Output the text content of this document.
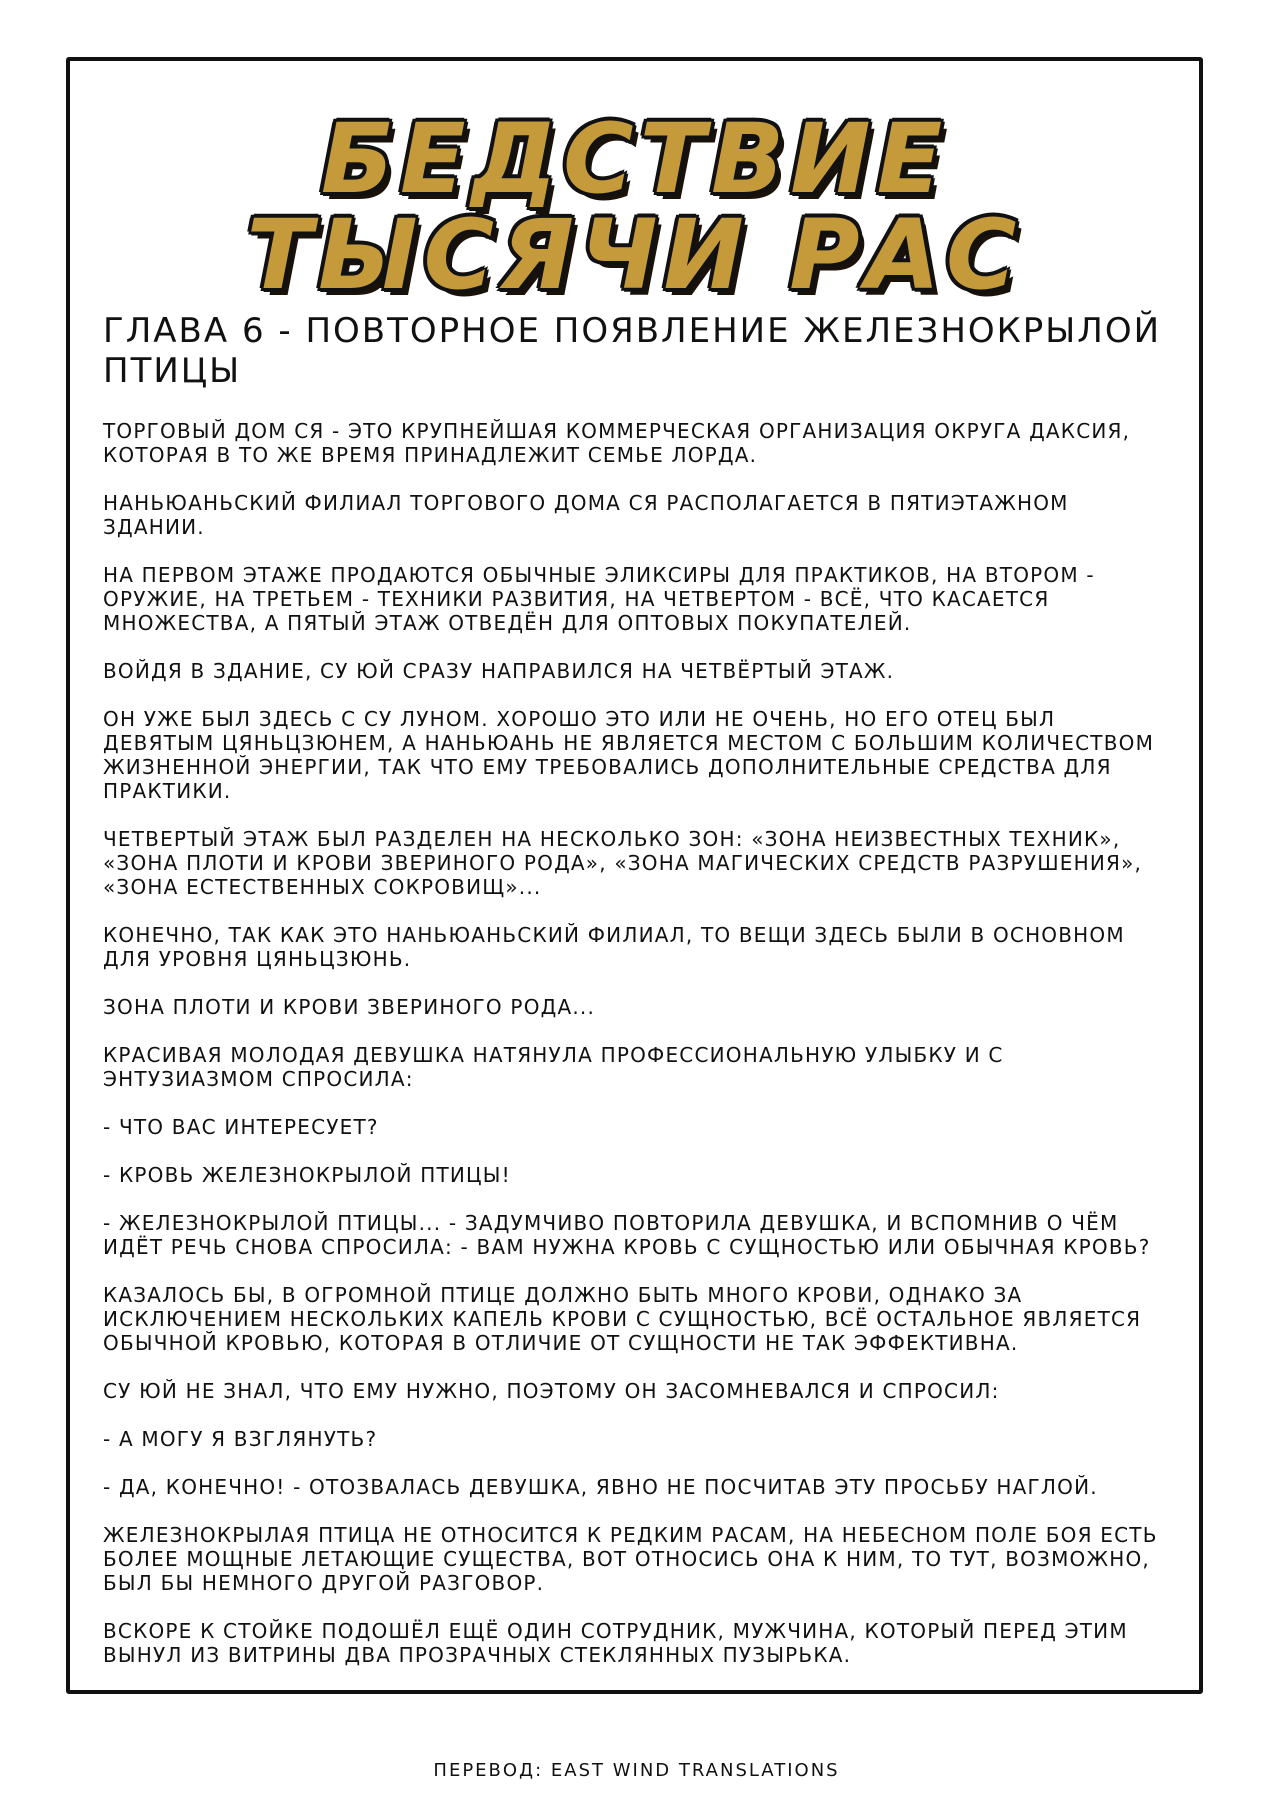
БЕДСТВИЕ
ТЫСЯЧИ РАС
ГЛАВА 6 - ПОВТОРНОЕ ПОЯВЛЕНИЕ ЖЕЛЕЗНОКРЫЛОЙ ПТИЦЫ

ТОРГОВЫЙ ДОМ СЯ - ЭТО КРУПНЕЙШАЯ КОММЕРЧЕСКАЯ ОРГАНИЗАЦИЯ ОКРУГА ДАКСИЯ, КОТОРАЯ В ТО ЖЕ ВРЕМЯ ПРИНАДЛЕЖИТ СЕМЬЕ ЛОРДА.

НАНЬЮАНЬСКИЙ ФИЛИАЛ ТОРГОВОГО ДОМА СЯ РАСПОЛАГАЕТСЯ В ПЯТИЭТАЖНОМ ЗДАНИИ.

НА ПЕРВОМ ЭТАЖЕ ПРОДАЮТСЯ ОБЫЧНЫЕ ЭЛИКСИРЫ ДЛЯ ПРАКТИКОВ, НА ВТОРОМ - ОРУЖИЕ, НА ТРЕТЬЕМ - ТЕХНИКИ РАЗВИТИЯ, НА ЧЕТВЕРТОМ - ВСЁ, ЧТО КАСАЕТСЯ МНОЖЕСТВА, А ПЯТЫЙ ЭТАЖ ОТВЕДЁН ДЛЯ ОПТОВЫХ ПОКУПАТЕЛЕЙ.

ВОЙДЯ В ЗДАНИЕ, СУ ЮЙ СРАЗУ НАПРАВИЛСЯ НА ЧЕТВЁРТЫЙ ЭТАЖ.

ОН УЖЕ БЫЛ ЗДЕСЬ С СУ ЛУНОМ. ХОРОШО ЭТО ИЛИ НЕ ОЧЕНЬ, НО ЕГО ОТЕЦ БЫЛ ДЕВЯТЫМ ЦЯНЬЦЗЮНЕМ, А НАНЬЮАНЬ НЕ ЯВЛЯЕТСЯ МЕСТОМ С БОЛЬШИМ КОЛИЧЕСТВОМ ЖИЗНЕННОЙ ЭНЕРГИИ, ТАК ЧТО ЕМУ ТРЕБОВАЛИСЬ ДОПОЛНИТЕЛЬНЫЕ СРЕДСТВА ДЛЯ ПРАКТИКИ.

ЧЕТВЕРТЫЙ ЭТАЖ БЫЛ РАЗДЕЛЕН НА НЕСКОЛЬКО ЗОН: «ЗОНА НЕИЗВЕСТНЫХ ТЕХНИК», «ЗОНА ПЛОТИ И КРОВИ ЗВЕРИНОГО РОДА», «ЗОНА МАГИЧЕСКИХ СРЕДСТВ РАЗРУШЕНИЯ», «ЗОНА ЕСТЕСТВЕННЫХ СОКРОВИЩ»...

КОНЕЧНО, ТАК КАК ЭТО НАНЬЮАНЬСКИЙ ФИЛИАЛ, ТО ВЕЩИ ЗДЕСЬ БЫЛИ В ОСНОВНОМ ДЛЯ УРОВНЯ ЦЯНЬЦЗЮНЬ.

ЗОНА ПЛОТИ И КРОВИ ЗВЕРИНОГО РОДА...

КРАСИВАЯ МОЛОДАЯ ДЕВУШКА НАТЯНУЛА ПРОФЕССИОНАЛЬНУЮ УЛЫБКУ И С ЭНТУЗИАЗМОМ СПРОСИЛА:

- ЧТО ВАС ИНТЕРЕСУЕТ?

- КРОВЬ ЖЕЛЕЗНОКРЫЛОЙ ПТИЦЫ!

- ЖЕЛЕЗНОКРЫЛОЙ ПТИЦЫ... - ЗАДУМЧИВО ПОВТОРИЛА ДЕВУШКА, И ВСПОМНИВ О ЧЁМ ИДЁТ РЕЧЬ СНОВА СПРОСИЛА: - ВАМ НУЖНА КРОВЬ С СУЩНОСТЬЮ ИЛИ ОБЫЧНАЯ КРОВЬ?

КАЗАЛОСЬ БЫ, В ОГРОМНОЙ ПТИЦЕ ДОЛЖНО БЫТЬ МНОГО КРОВИ, ОДНАКО ЗА ИСКЛЮЧЕНИЕМ НЕСКОЛЬКИХ КАПЕЛЬ КРОВИ С СУЩНОСТЬЮ, ВСЁ ОСТАЛЬНОЕ ЯВЛЯЕТСЯ ОБЫЧНОЙ КРОВЬЮ, КОТОРАЯ В ОТЛИЧИЕ ОТ СУЩНОСТИ НЕ ТАК ЭФФЕКТИВНА.

СУ ЮЙ НЕ ЗНАЛ, ЧТО ЕМУ НУЖНО, ПОЭТОМУ ОН ЗАСОМНЕВАЛСЯ И СПРОСИЛ:

- А МОГУ Я ВЗГЛЯНУТЬ?

- ДА, КОНЕЧНО! - ОТОЗВАЛАСЬ ДЕВУШКА, ЯВНО НЕ ПОСЧИТАВ ЭТУ ПРОСЬБУ НАГЛОЙ.

ЖЕЛЕЗНОКРЫЛАЯ ПТИЦА НЕ ОТНОСИТСЯ К РЕДКИМ РАСАМ, НА НЕБЕСНОМ ПОЛЕ БОЯ ЕСТЬ БОЛЕЕ МОЩНЫЕ ЛЕТАЮЩИЕ СУЩЕСТВА, ВОТ ОТНОСИСЬ ОНА К НИМ, ТО ТУТ, ВОЗМОЖНО, БЫЛ БЫ НЕМНОГО ДРУГОЙ РАЗГОВОР.

ВСКОРЕ К СТОЙКЕ ПОДОШЁЛ ЕЩЁ ОДИН СОТРУДНИК, МУЖЧИНА, КОТОРЫЙ ПЕРЕД ЭТИМ ВЫНУЛ ИЗ ВИТРИНЫ ДВА ПРОЗРАЧНЫХ СТЕКЛЯННЫХ ПУЗЫРЬКА.

ПЕРЕВОД: EAST WIND TRANSLATIONS
